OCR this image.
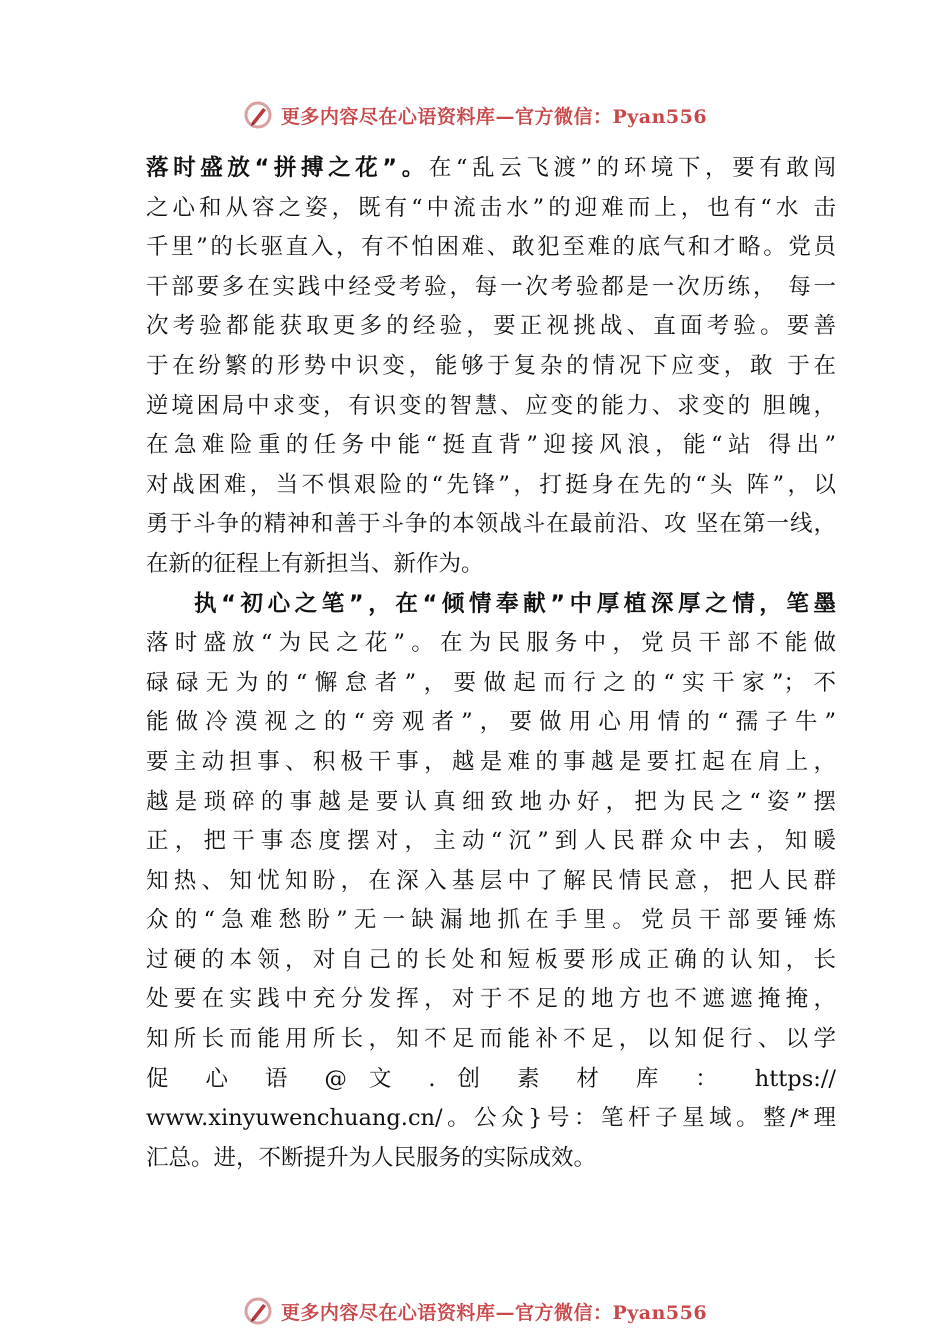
更多内容尽在心语资料库—官方微信：Pyan556
落时盛放“拼搏之花”。在“乱云飞渡”的环境下，要有敢闯
之心和从容之姿，既有“中流击水”的迎难而上，也有“水 击
千里”的长驱直入，有不怕困难、敢犯至难的底气和才略。党员
干部要多在实践中经受考验，每一次考验都是一次历练， 每一
次考验都能获取更多的经验，要正视挑战、直面考验。要善
于在纷繁的形势中识变，能够于复杂的情况下应变，敢 于在
逆境困局中求变，有识变的智慧、应变的能力、求变的 胆魄，
在急难险重的任务中能“挺直背”迎接风浪，能“站 得出”
对战困难，当不惧艰险的“先锋”，打挺身在先的“头 阵”，以
勇于斗争的精神和善于斗争的本领战斗在最前沿、攻 坚在第一线，
在新的征程上有新担当、新作为。
执“初心之笔”，在“倾情奉献”中厚植深厚之情，笔墨
落时盛放“为民之花”。在为民服务中，党员干部不能做
碌碌无为的“懈怠者”，要做起而行之的“实干家”；不
能做冷漠视之的“旁观者”，要做用心用情的“孺子牛”
要主动担事、积极干事，越是难的事越是要扛起在肩上，
越是琐碎的事越是要认真细致地办好，把为民之“姿”摆
正，把干事态度摆对，主动“沉”到人民群众中去，知暖
知热、知忧知盼，在深入基层中了解民情民意，把人民群
众的“急难愁盼”无一缺漏地抓在手里。党员干部要锤炼
过硬的本领，对自己的长处和短板要形成正确的认知，长
处要在实践中充分发挥，对于不足的地方也不遮遮掩掩，
知所长而能用所长，知不足而能补不足，以知促行、以学
促 心 语 @ 文 . 创 素 材 库 ： https://
www.xinyuwenchuang.cn/。公众}号：笔杆子星域。整/*理
汇总。进，不断提升为人民服务的实际成效。
更多内容尽在心语资料库—官方微信：Pyan556
